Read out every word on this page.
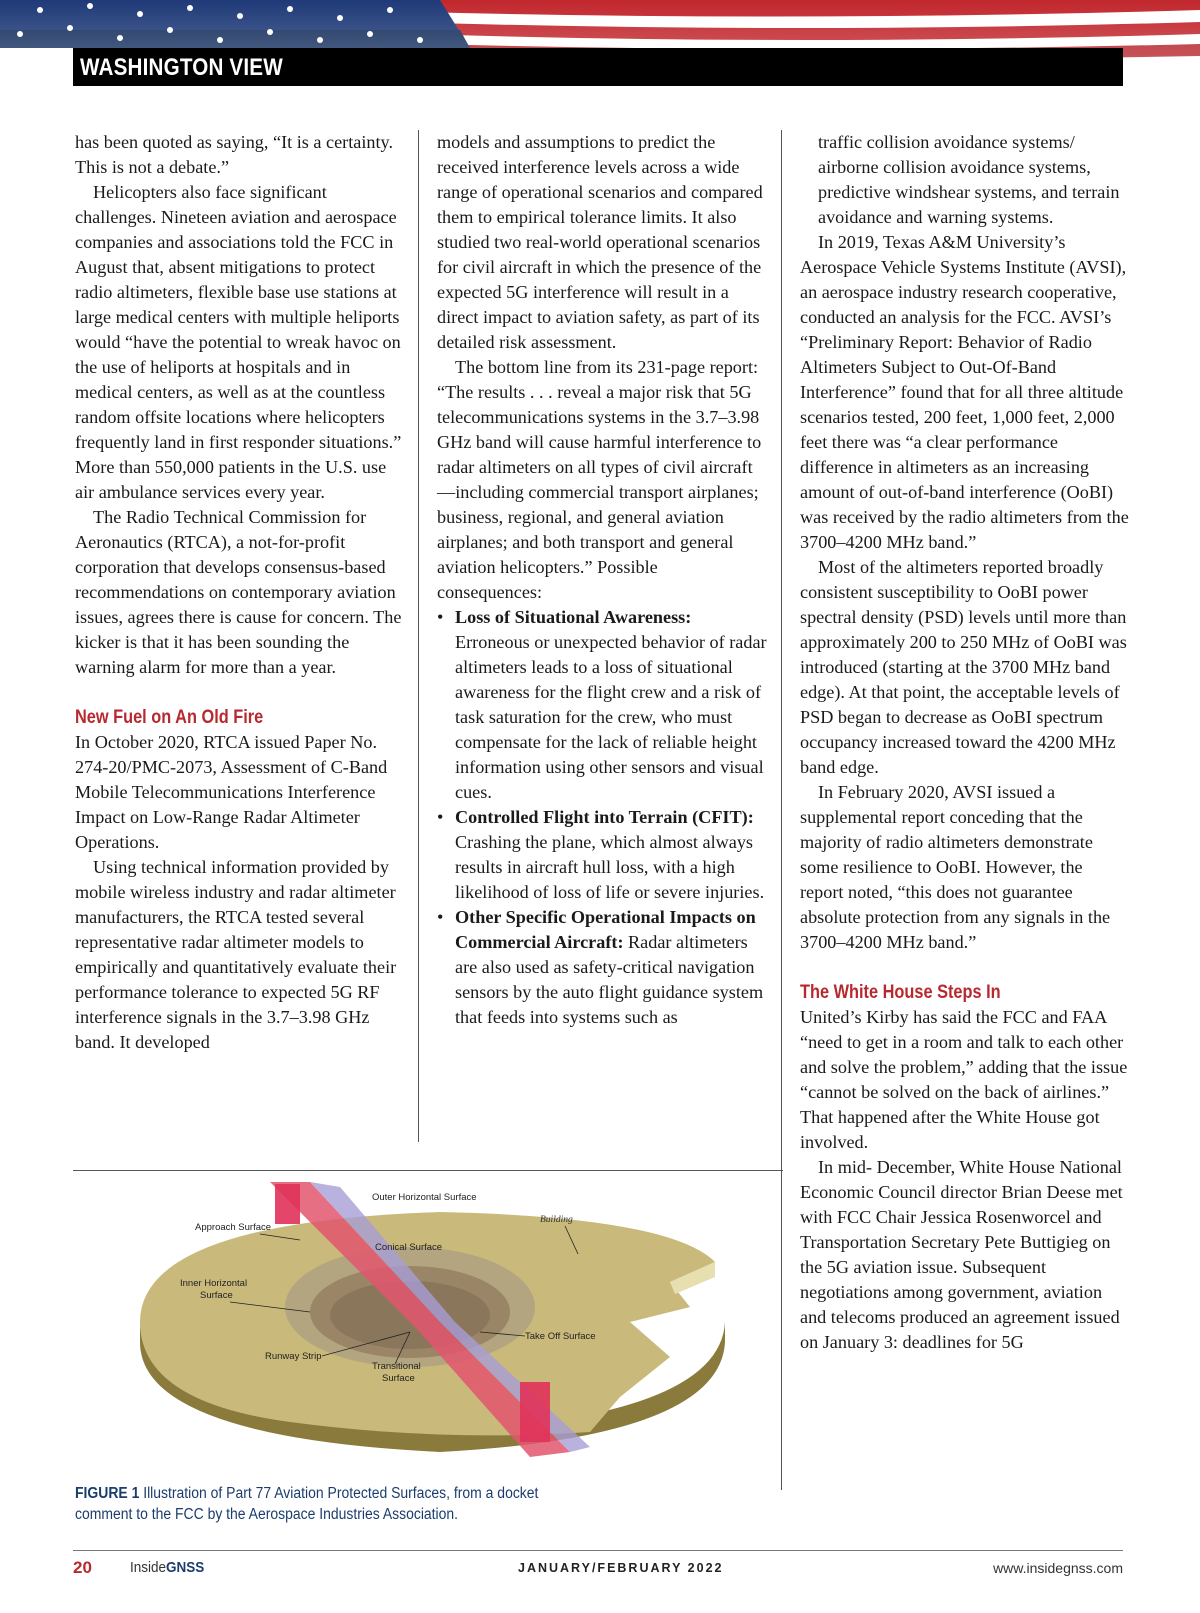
WASHINGTON VIEW

has been quoted as saying, “It is a certainty. This is not a debate.”

Helicopters also face significant challenges. Nineteen aviation and aerospace companies and associations told the FCC in August that, absent mitigations to protect radio altimeters, flexible base use stations at large medical centers with multiple heliports would “have the potential to wreak havoc on the use of heliports at hospitals and in medical centers, as well as at the countless random offsite locations where helicopters frequently land in first responder situations.” More than 550,000 patients in the U.S. use air ambulance services every year.

The Radio Technical Commission for Aeronautics (RTCA), a not-for-profit corporation that develops consensus-based recommendations on contemporary aviation issues, agrees there is cause for concern. The kicker is that it has been sounding the warning alarm for more than a year.

New Fuel on An Old Fire

In October 2020, RTCA issued Paper No. 274-20/PMC-2073, Assessment of C-Band Mobile Telecommunications Interference Impact on Low-Range Radar Altimeter Operations.

Using technical information provided by mobile wireless industry and radar altimeter manufacturers, the RTCA tested several representative radar altimeter models to empirically and quantitatively evaluate their performance tolerance to expected 5G RF interference signals in the 3.7–3.98 GHz band. It developed

models and assumptions to predict the received interference levels across a wide range of operational scenarios and compared them to empirical tolerance limits. It also studied two real-world operational scenarios for civil aircraft in which the presence of the expected 5G interference will result in a direct impact to aviation safety, as part of its detailed risk assessment.

The bottom line from its 231-page report: “The results . . . reveal a major risk that 5G telecommunications systems in the 3.7–3.98 GHz band will cause harmful interference to radar altimeters on all types of civil aircraft—including commercial transport airplanes; business, regional, and general aviation airplanes; and both transport and general aviation helicopters.” Possible consequences:

• Loss of Situational Awareness: Erroneous or unexpected behavior of radar altimeters leads to a loss of situational awareness for the flight crew and a risk of task saturation for the crew, who must compensate for the lack of reliable height information using other sensors and visual cues.
• Controlled Flight into Terrain (CFIT): Crashing the plane, which almost always results in aircraft hull loss, with a high likelihood of loss of life or severe injuries.
• Other Specific Operational Impacts on Commercial Aircraft: Radar altimeters are also used as safety-critical navigation sensors by the auto flight guidance system that feeds into systems such as

traffic collision avoidance systems/ airborne collision avoidance systems, predictive windshear systems, and terrain avoidance and warning systems.

In 2019, Texas A&M University’s Aerospace Vehicle Systems Institute (AVSI), an aerospace industry research cooperative, conducted an analysis for the FCC. AVSI’s “Preliminary Report: Behavior of Radio Altimeters Subject to Out-Of-Band Interference” found that for all three altitude scenarios tested, 200 feet, 1,000 feet, 2,000 feet there was “a clear performance difference in altimeters as an increasing amount of out-of-band interference (OoBI) was received by the radio altimeters from the 3700–4200 MHz band.”

Most of the altimeters reported broadly consistent susceptibility to OoBI power spectral density (PSD) levels until more than approximately 200 to 250 MHz of OoBI was introduced (starting at the 3700 MHz band edge). At that point, the acceptable levels of PSD began to decrease as OoBI spectrum occupancy increased toward the 4200 MHz band edge.

In February 2020, AVSI issued a supplemental report conceding that the majority of radio altimeters demonstrate some resilience to OoBI. However, the report noted, “this does not guarantee absolute protection from any signals in the 3700–4200 MHz band.”

The White House Steps In

United’s Kirby has said the FCC and FAA “need to get in a room and talk to each other and solve the problem,” adding that the issue “cannot be solved on the back of airlines.” That happened after the White House got involved.

In mid- December, White House National Economic Council director Brian Deese met with FCC Chair Jessica Rosenworcel and Transportation Secretary Pete Buttigieg on the 5G aviation issue. Subsequent negotiations among government, aviation and telecoms produced an agreement issued on January 3: deadlines for 5G

Outer Horizontal Surface
Approach Surface
Building
Conical Surface
Inner Horizontal
Surface
Take Off Surface
Runway Strip
Transitional
Surface
FIGURE 1 Illustration of Part 77 Aviation Protected Surfaces, from a docket comment to the FCC by the Aerospace Industries Association.
20	InsideGNSS	JANUARY/FEBRUARY 2022	www.insidegnss.com
